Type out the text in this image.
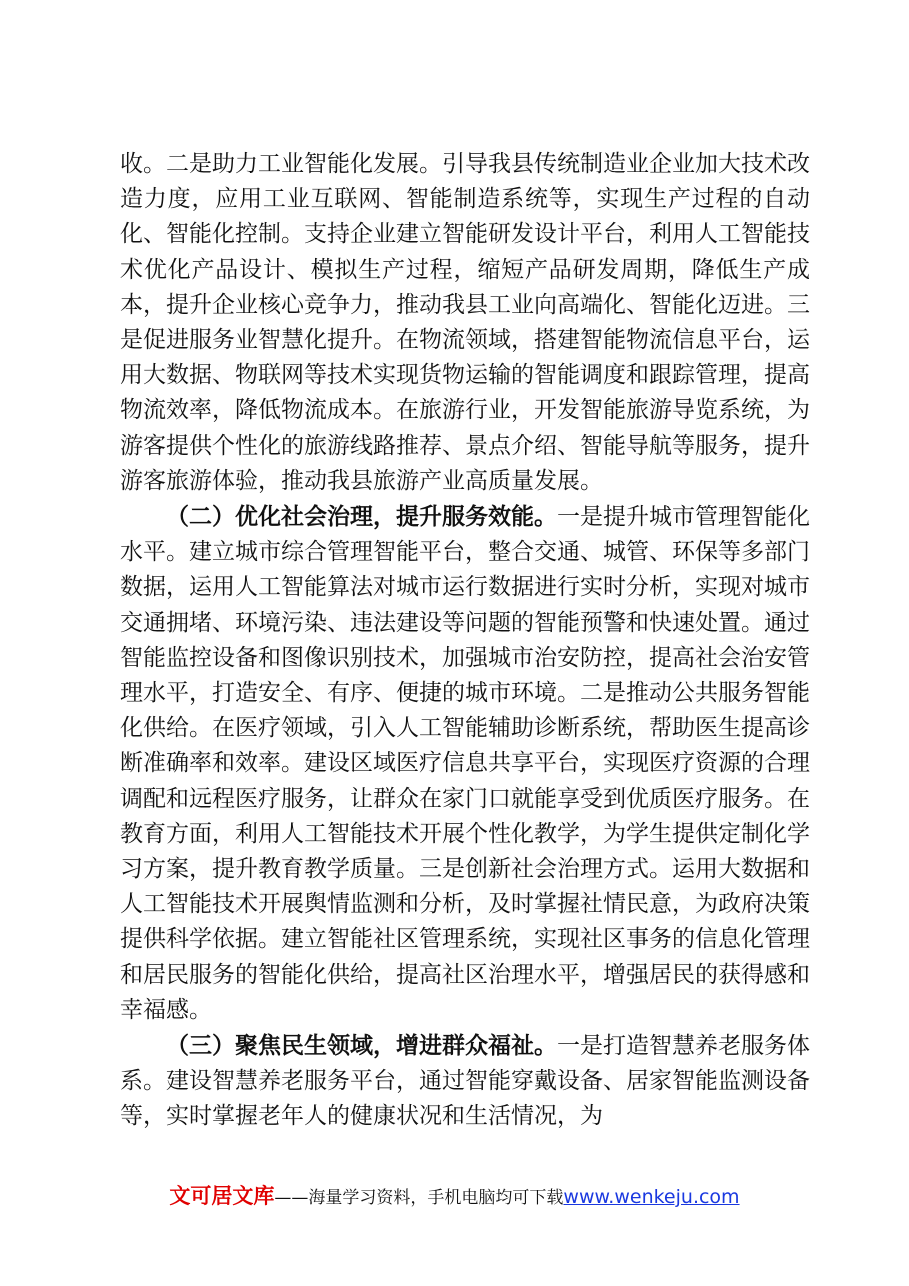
收。二是助力工业智能化发展。引导我县传统制造业企业加大技术改造力度，应用工业互联网、智能制造系统等，实现生产过程的自动化、智能化控制。支持企业建立智能研发设计平台，利用人工智能技术优化产品设计、模拟生产过程，缩短产品研发周期，降低生产成本，提升企业核心竞争力，推动我县工业向高端化、智能化迈进。三是促进服务业智慧化提升。在物流领域，搭建智能物流信息平台，运用大数据、物联网等技术实现货物运输的智能调度和跟踪管理，提高物流效率，降低物流成本。在旅游行业，开发智能旅游导览系统，为游客提供个性化的旅游线路推荐、景点介绍、智能导航等服务，提升游客旅游体验，推动我县旅游产业高质量发展。

（二）优化社会治理，提升服务效能。一是提升城市管理智能化水平。建立城市综合管理智能平台，整合交通、城管、环保等多部门数据，运用人工智能算法对城市运行数据进行实时分析，实现对城市交通拥堵、环境污染、违法建设等问题的智能预警和快速处置。通过智能监控设备和图像识别技术，加强城市治安防控，提高社会治安管理水平，打造安全、有序、便捷的城市环境。二是推动公共服务智能化供给。在医疗领域，引入人工智能辅助诊断系统，帮助医生提高诊断准确率和效率。建设区域医疗信息共享平台，实现医疗资源的合理调配和远程医疗服务，让群众在家门口就能享受到优质医疗服务。在教育方面，利用人工智能技术开展个性化教学，为学生提供定制化学习方案，提升教育教学质量。三是创新社会治理方式。运用大数据和人工智能技术开展舆情监测和分析，及时掌握社情民意，为政府决策提供科学依据。建立智能社区管理系统，实现社区事务的信息化管理和居民服务的智能化供给，提高社区治理水平，增强居民的获得感和幸福感。

（三）聚焦民生领域，增进群众福祉。一是打造智慧养老服务体系。建设智慧养老服务平台，通过智能穿戴设备、居家智能监测设备等，实时掌握老年人的健康状况和生活情况，为

文可居文库——海量学习资料，手机电脑均可下载www.wenkeju.com
